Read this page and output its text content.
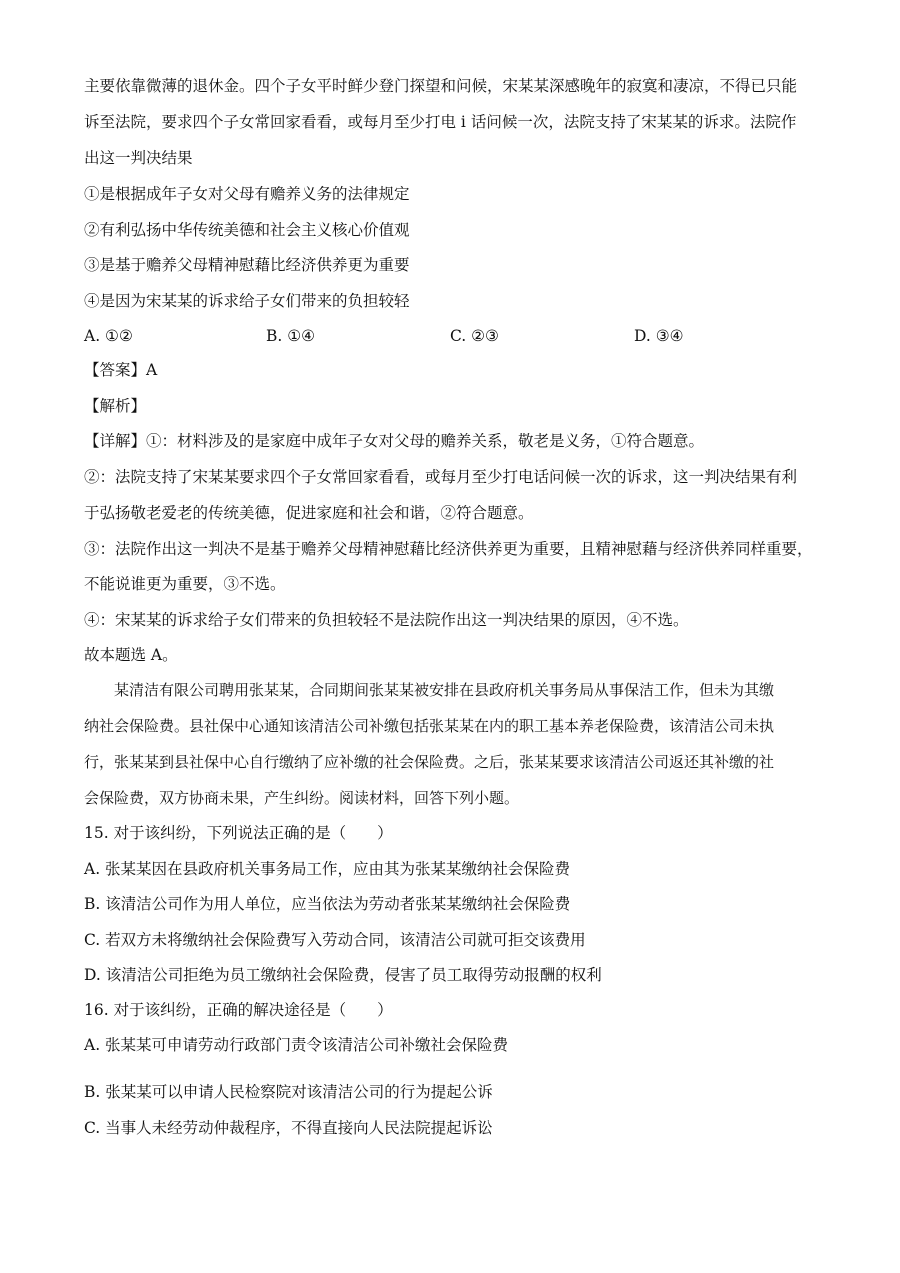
主要依靠微薄的退休金。四个子女平时鲜少登门探望和问候，宋某某深感晚年的寂寞和凄凉，不得已只能
诉至法院，要求四个子女常回家看看，或每月至少打电 i 话问候一次，法院支持了宋某某的诉求。法院作
出这一判决结果
①是根据成年子女对父母有赡养义务的法律规定
②有利弘扬中华传统美德和社会主义核心价值观
③是基于赡养父母精神慰藉比经济供养更为重要
④是因为宋某某的诉求给子女们带来的负担较轻
A. ①②	B. ①④	C. ②③	D. ③④
【答案】A
【解析】
【详解】①：材料涉及的是家庭中成年子女对父母的赡养关系，敬老是义务，①符合题意。
②：法院支持了宋某某要求四个子女常回家看看，或每月至少打电话问候一次的诉求，这一判决结果有利
于弘扬敬老爱老的传统美德，促进家庭和社会和谐，②符合题意。
③：法院作出这一判决不是基于赡养父母精神慰藉比经济供养更为重要，且精神慰藉与经济供养同样重要，
不能说谁更为重要，③不选。
④：宋某某的诉求给子女们带来的负担较轻不是法院作出这一判决结果的原因，④不选。
故本题选 A。
某清洁有限公司聘用张某某，合同期间张某某被安排在县政府机关事务局从事保洁工作，但未为其缴
纳社会保险费。县社保中心通知该清洁公司补缴包括张某某在内的职工基本养老保险费，该清洁公司未执
行，张某某到县社保中心自行缴纳了应补缴的社会保险费。之后，张某某要求该清洁公司返还其补缴的社
会保险费，双方协商未果，产生纠纷。阅读材料，回答下列小题。
15. 对于该纠纷，下列说法正确的是（　　）
A. 张某某因在县政府机关事务局工作，应由其为张某某缴纳社会保险费
B. 该清洁公司作为用人单位，应当依法为劳动者张某某缴纳社会保险费
C. 若双方未将缴纳社会保险费写入劳动合同，该清洁公司就可拒交该费用
D. 该清洁公司拒绝为员工缴纳社会保险费，侵害了员工取得劳动报酬的权利
16. 对于该纠纷，正确的解决途径是（　　）
A. 张某某可申请劳动行政部门责令该清洁公司补缴社会保险费
B. 张某某可以申请人民检察院对该清洁公司的行为提起公诉
C. 当事人未经劳动仲裁程序，不得直接向人民法院提起诉讼
